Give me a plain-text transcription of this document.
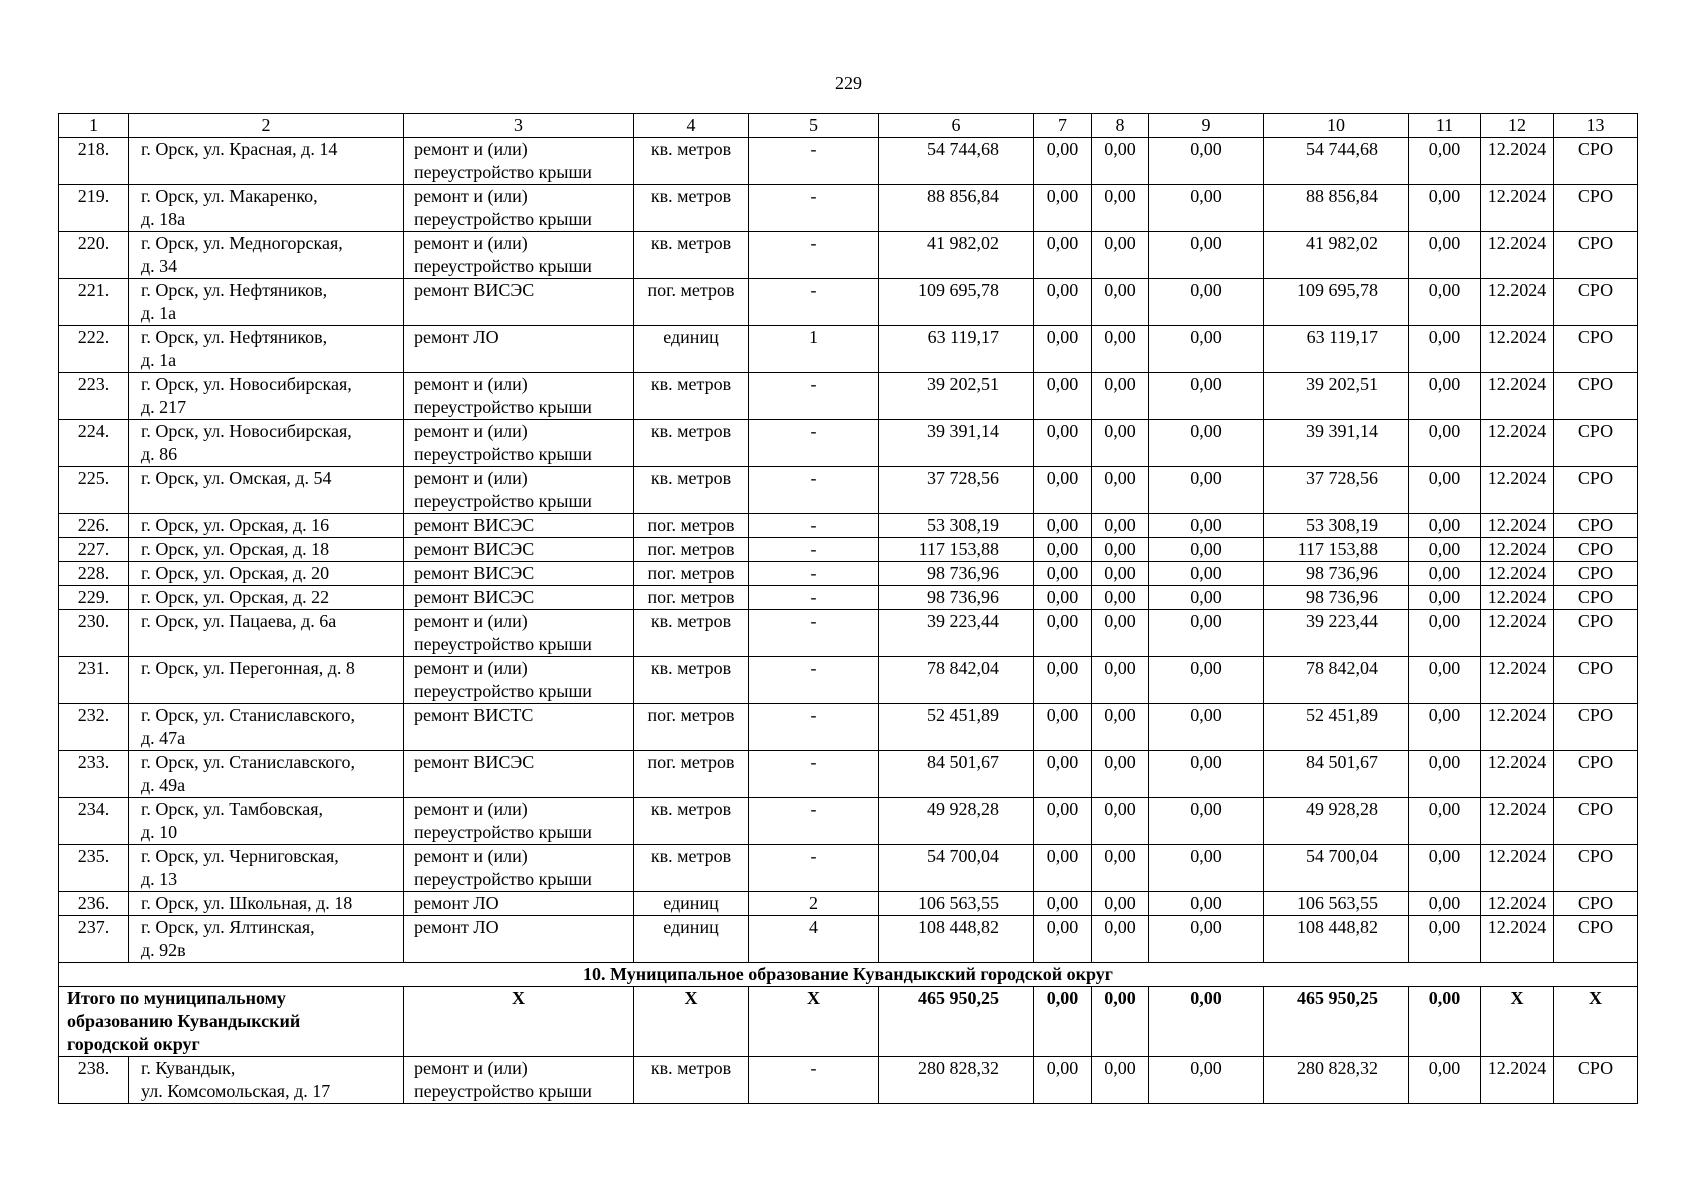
229
1	2	3	4	5	6	7	8	9	10	11	12	13
218.	г. Орск, ул. Красная, д. 14	ремонт и (или)
переустройство крыши	кв. метров	-	54 744,68	0,00	0,00	0,00	54 744,68	0,00	12.2024	СРО
219.	г. Орск, ул. Макаренко,
д. 18а	ремонт и (или)
переустройство крыши	кв. метров	-	88 856,84	0,00	0,00	0,00	88 856,84	0,00	12.2024	СРО
220.	г. Орск, ул. Медногорская,
д. 34	ремонт и (или)
переустройство крыши	кв. метров	-	41 982,02	0,00	0,00	0,00	41 982,02	0,00	12.2024	СРО
221.	г. Орск, ул. Нефтяников,
д. 1а	ремонт ВИСЭС	пог. метров	-	109 695,78	0,00	0,00	0,00	109 695,78	0,00	12.2024	СРО
222.	г. Орск, ул. Нефтяников,
д. 1а	ремонт ЛО	единиц	1	63 119,17	0,00	0,00	0,00	63 119,17	0,00	12.2024	СРО
223.	г. Орск, ул. Новосибирская,
д. 217	ремонт и (или)
переустройство крыши	кв. метров	-	39 202,51	0,00	0,00	0,00	39 202,51	0,00	12.2024	СРО
224.	г. Орск, ул. Новосибирская,
д. 86	ремонт и (или)
переустройство крыши	кв. метров	-	39 391,14	0,00	0,00	0,00	39 391,14	0,00	12.2024	СРО
225.	г. Орск, ул. Омская, д. 54	ремонт и (или)
переустройство крыши	кв. метров	-	37 728,56	0,00	0,00	0,00	37 728,56	0,00	12.2024	СРО
226.	г. Орск, ул. Орская, д. 16	ремонт ВИСЭС	пог. метров	-	53 308,19	0,00	0,00	0,00	53 308,19	0,00	12.2024	СРО
227.	г. Орск, ул. Орская, д. 18	ремонт ВИСЭС	пог. метров	-	117 153,88	0,00	0,00	0,00	117 153,88	0,00	12.2024	СРО
228.	г. Орск, ул. Орская, д. 20	ремонт ВИСЭС	пог. метров	-	98 736,96	0,00	0,00	0,00	98 736,96	0,00	12.2024	СРО
229.	г. Орск, ул. Орская, д. 22	ремонт ВИСЭС	пог. метров	-	98 736,96	0,00	0,00	0,00	98 736,96	0,00	12.2024	СРО
230.	г. Орск, ул. Пацаева, д. 6а	ремонт и (или)
переустройство крыши	кв. метров	-	39 223,44	0,00	0,00	0,00	39 223,44	0,00	12.2024	СРО
231.	г. Орск, ул. Перегонная, д. 8	ремонт и (или)
переустройство крыши	кв. метров	-	78 842,04	0,00	0,00	0,00	78 842,04	0,00	12.2024	СРО
232.	г. Орск, ул. Станиславского,
д. 47а	ремонт ВИСТС	пог. метров	-	52 451,89	0,00	0,00	0,00	52 451,89	0,00	12.2024	СРО
233.	г. Орск, ул. Станиславского,
д. 49а	ремонт ВИСЭС	пог. метров	-	84 501,67	0,00	0,00	0,00	84 501,67	0,00	12.2024	СРО
234.	г. Орск, ул. Тамбовская,
д. 10	ремонт и (или)
переустройство крыши	кв. метров	-	49 928,28	0,00	0,00	0,00	49 928,28	0,00	12.2024	СРО
235.	г. Орск, ул. Черниговская,
д. 13	ремонт и (или)
переустройство крыши	кв. метров	-	54 700,04	0,00	0,00	0,00	54 700,04	0,00	12.2024	СРО
236.	г. Орск, ул. Школьная, д. 18	ремонт ЛО	единиц	2	106 563,55	0,00	0,00	0,00	106 563,55	0,00	12.2024	СРО
237.	г. Орск, ул. Ялтинская,
д. 92в	ремонт ЛО	единиц	4	108 448,82	0,00	0,00	0,00	108 448,82	0,00	12.2024	СРО
10. Муниципальное образование Кувандыкский городской округ												
Итого по муниципальному
образованию Кувандыкский
городской округ		Х	Х	Х	465 950,25	0,00	0,00	0,00	465 950,25	0,00	Х	Х
238.	г. Кувандык,
ул. Комсомольская, д. 17	ремонт и (или)
переустройство крыши	кв. метров	-	280 828,32	0,00	0,00	0,00	280 828,32	0,00	12.2024	СРО
